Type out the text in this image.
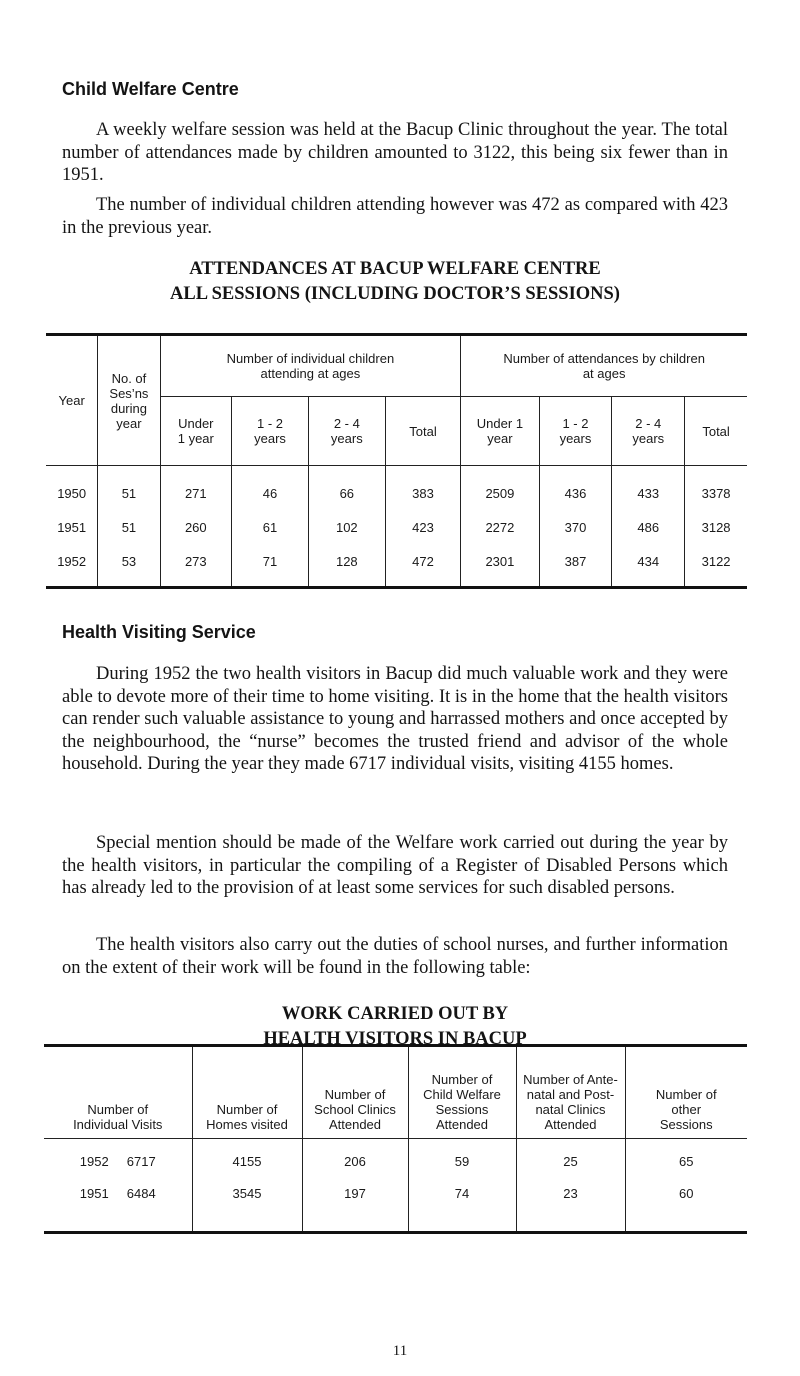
Child Welfare Centre

A weekly welfare session was held at the Bacup Clinic throughout the year. The total number of attendances made by children amounted to 3122, this being six fewer than in 1951.

The number of individual children attending however was 472 as compared with 423 in the previous year.

ATTENDANCES AT BACUP WELFARE CENTRE
ALL SESSIONS (INCLUDING DOCTOR’S SESSIONS)
Year	No. of Ses’ns during year	Number of individual children attending at ages				Number of attendances by children at ages			
		Under 1 year	1 - 2 years	2 - 4 years	Total	Under 1 year	1 - 2 years	2 - 4 years	Total
1950	51	271	46	66	383	2509	436	433	3378
1951	51	260	61	102	423	2272	370	486	3128
1952	53	273	71	128	472	2301	387	434	3122
Health Visiting Service

During 1952 the two health visitors in Bacup did much valuable work and they were able to devote more of their time to home visiting. It is in the home that the health visitors can render such valuable assistance to young and harrassed mothers and once accepted by the neighbourhood, the “nurse” becomes the trusted friend and advisor of the whole household. During the year they made 6717 individual visits, visiting 4155 homes.

Special mention should be made of the Welfare work carried out during the year by the health visitors, in particular the compiling of a Register of Disabled Persons which has already led to the provision of at least some services for such disabled persons.

The health visitors also carry out the duties of school nurses, and further information on the extent of their work will be found in the following table:

WORK CARRIED OUT BY
HEALTH VISITORS IN BACUP
Number of Individual Visits	Number of Homes visited	Number of School Clinics Attended	Number of Child Welfare Sessions Attended	Number of Ante-natal and Post-natal Clinics Attended	Number of other Sessions
1952     6717	4155	206	59	25	65
1951     6484	3545	197	74	23	60
11
